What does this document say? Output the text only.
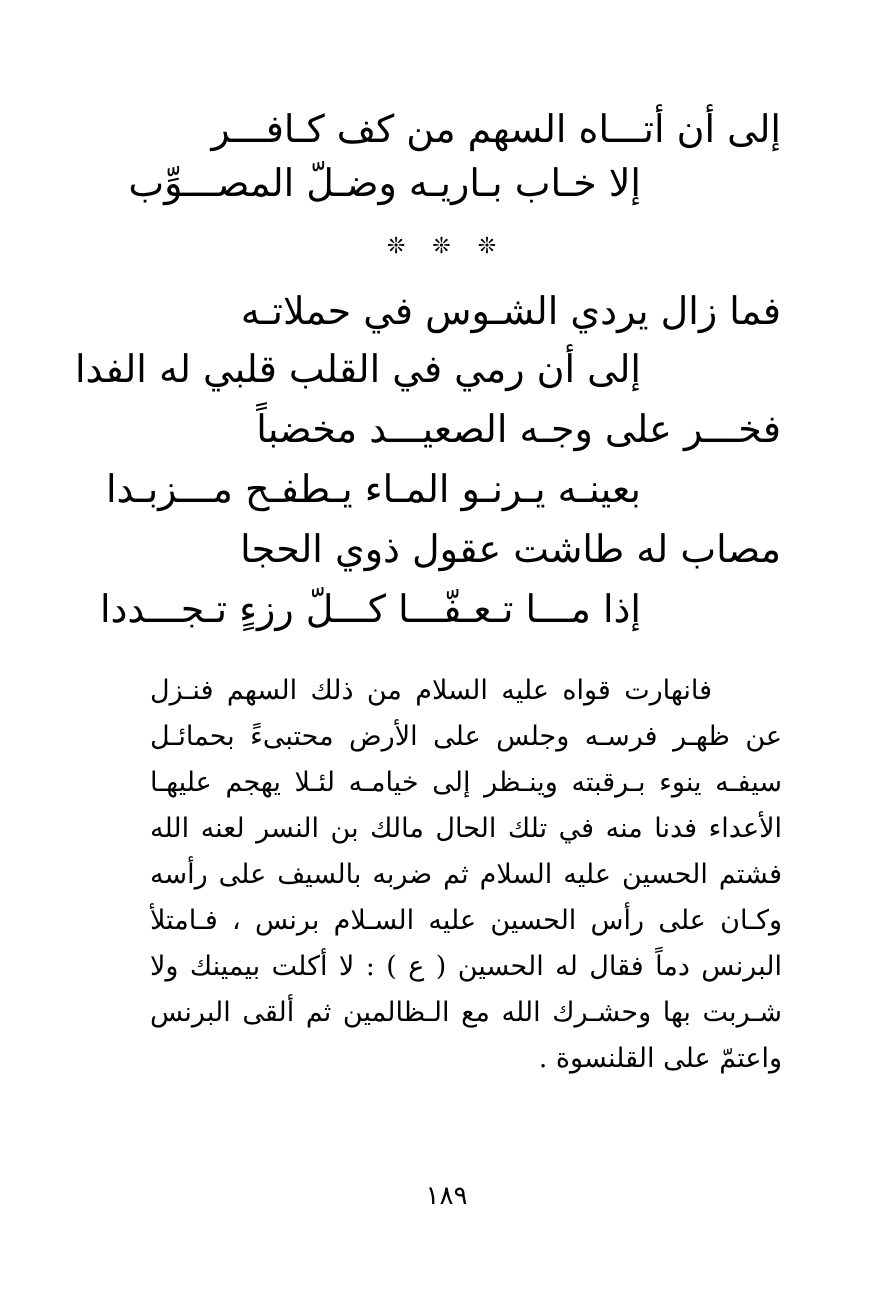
إلى أن أتـــاه السهم من كف كـافـــر
إلا خـاب بـاريـه وضـلّ المصـــوِّب
❊ ❊ ❊
فما زال يردي الشـوس في حملاتـه
إلى أن رمي في القلب قلبي له الفدا
فخـــر على وجـه الصعيـــد مخضباً
بعينـه يـرنـو المـاء يـطفـح مـــزبـدا
مصاب له طاشت عقول ذوي الحجا
إذا مـــا تـعـفّـــا كـــلّ رزءٍ تـجـــددا
فانهارت قواه عليه السلام من ذلك السهم فنـزل
عن ظهـر فرسـه وجلس على الأرض محتبىءً بحمائـل
سيفـه ينوء بـرقبته وينـظر إلى خيامـه لئـلا يهجم عليهـا
الأعداء فدنا منه في تلك الحال مالك بن النسر لعنه الله
فشتم الحسين عليه السلام ثم ضربه بالسيف على رأسه
وكـان على رأس الحسين عليه السـلام برنس ، فـامتلأ
البرنس دماً فقال له الحسين ( ع ) : لا أكلت بيمينك ولا
شـربت بها وحشـرك الله مع الـظالمين ثم ألقى البرنس
واعتمّ على القلنسوة .
١٨٩
